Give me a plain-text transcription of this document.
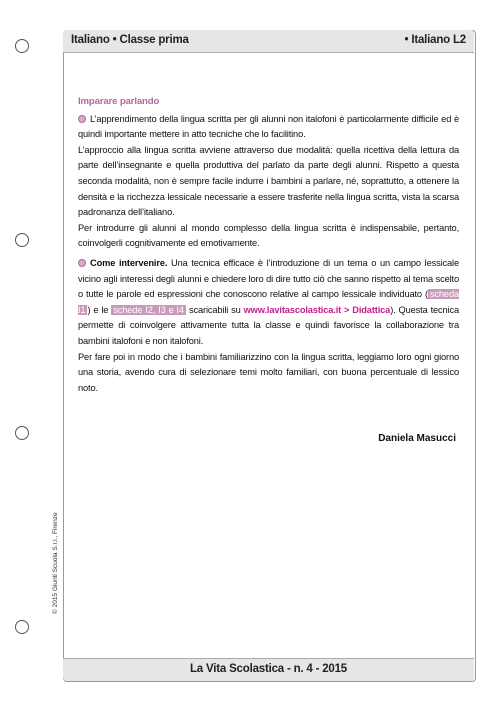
Italiano • Classe prima	• Italiano L2

Imparare parlando

L’apprendimento della lingua scritta per gli alunni non italofoni è particolarmente difficile ed è quindi importante mettere in atto tecniche che lo facilitino.

L’approccio alla lingua scritta avviene attraverso due modalità: quella ricettiva della lettura da parte dell’insegnante e quella produttiva del parlato da parte degli alunni. Rispetto a questa seconda modalità, non è sempre facile indurre i bambini a parlare, né, soprattutto, a ottenere la densità e la ricchezza lessicale necessarie a essere trasferite nella lingua scritta, vista la scarsa padronanza dell’italiano.

Per introdurre gli alunni al mondo complesso della lingua scritta è indispensabile, pertanto, coinvolgerli cognitivamente ed emotivamente.

Come intervenire. Una tecnica efficace è l’introduzione di un tema o un campo lessicale vicino agli interessi degli alunni e chiedere loro di dire tutto ciò che sanno rispetto al tema scelto o tutte le parole ed espressioni che conoscono relative al campo lessicale individuato ( scheda I1 ) e le schede I2, I3 e I4 scaricabili su www.lavitascolastica.it > Didattica). Questa tecnica permette di coinvolgere attivamente tutta la classe e quindi favorisce la collaborazione tra bambini italofoni e non italofoni.

Per fare poi in modo che i bambini familiarizzino con la lingua scritta, leggiamo loro ogni giorno una storia, avendo cura di selezionare temi molto familiari, con buona percentuale di lessico noto.

Daniela Masucci
© 2015 Giunti Scuola S.r.l., Firenze
La Vita Scolastica - n. 4 - 2015
